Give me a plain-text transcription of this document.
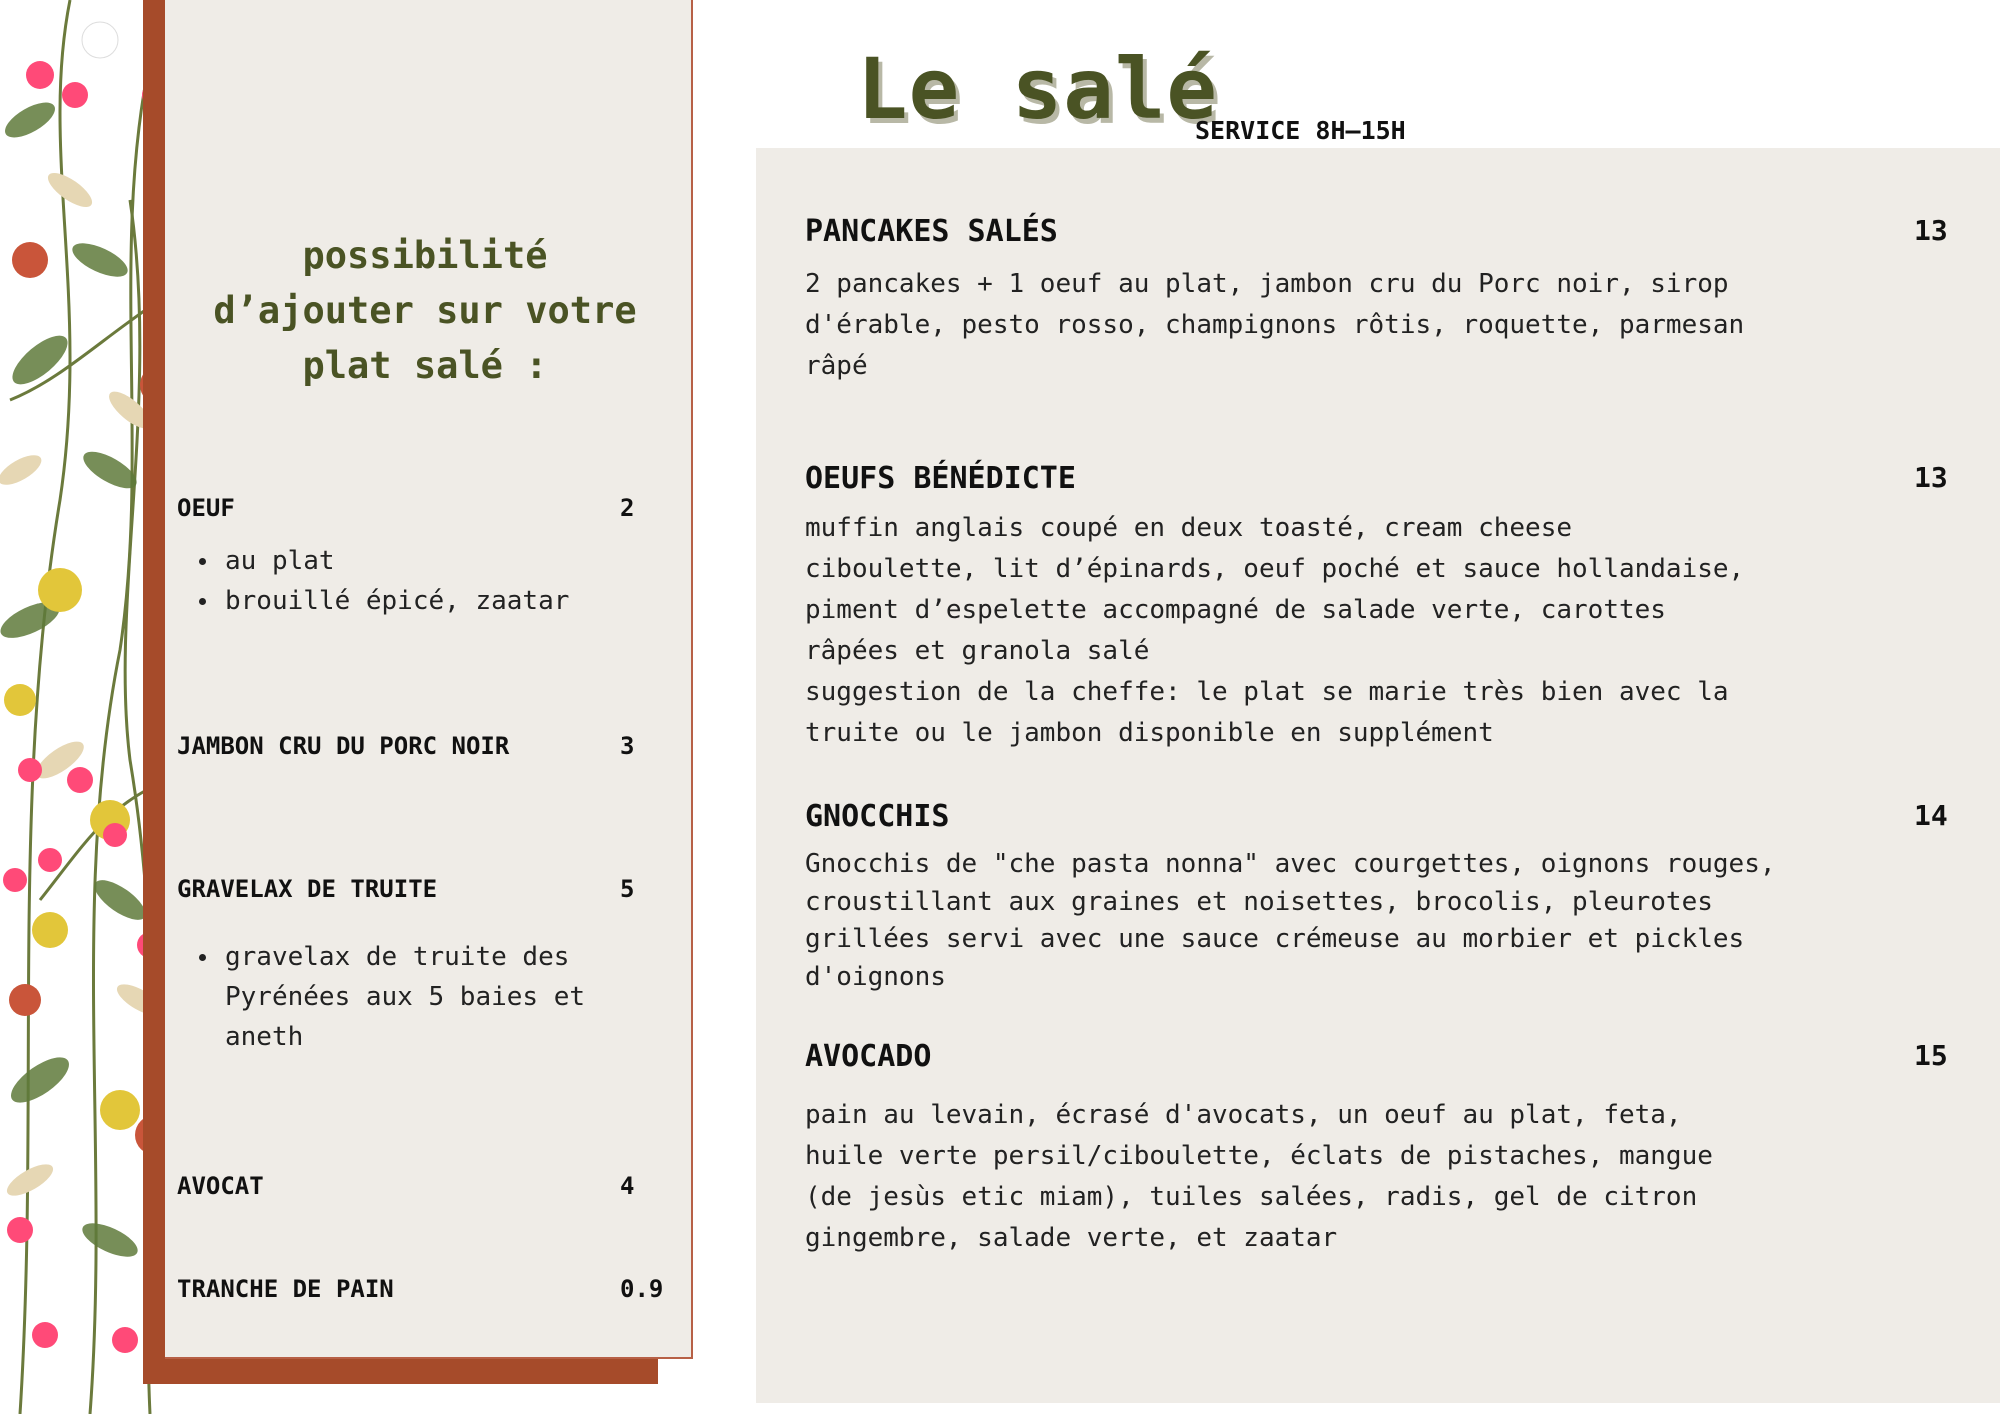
possibilité
d’ajouter sur votre
plat salé :
OEUF	2
au plat
brouillé épicé, zaatar
JAMBON CRU DU PORC NOIR	3
GRAVELAX DE TRUITE	5
gravelax de truite des Pyrénées aux 5 baies et aneth
AVOCAT	4
TRANCHE DE PAIN	0.9
Le salé
SERVICE 8H–15H
PANCAKES SALÉS	13

2 pancakes + 1 oeuf au plat, jambon cru du Porc noir, sirop
d'érable, pesto rosso, champignons rôtis, roquette, parmesan
râpé

OEUFS BÉNÉDICTE	13

muffin anglais coupé en deux toasté, cream cheese
ciboulette, lit d’épinards, oeuf poché et sauce hollandaise,
piment d’espelette accompagné de salade verte, carottes
râpées et granola salé
suggestion de la cheffe: le plat se marie très bien avec la
truite ou le jambon disponible en supplément

GNOCCHIS	14

Gnocchis de "che pasta nonna" avec courgettes, oignons rouges,
croustillant aux graines et noisettes, brocolis, pleurotes
grillées servi avec une sauce crémeuse au morbier et pickles
d'oignons

AVOCADO	15

pain au levain, écrasé d'avocats, un oeuf au plat, feta,
huile verte persil/ciboulette, éclats de pistaches, mangue
(de jesùs etic miam), tuiles salées, radis, gel de citron
gingembre, salade verte, et zaatar
